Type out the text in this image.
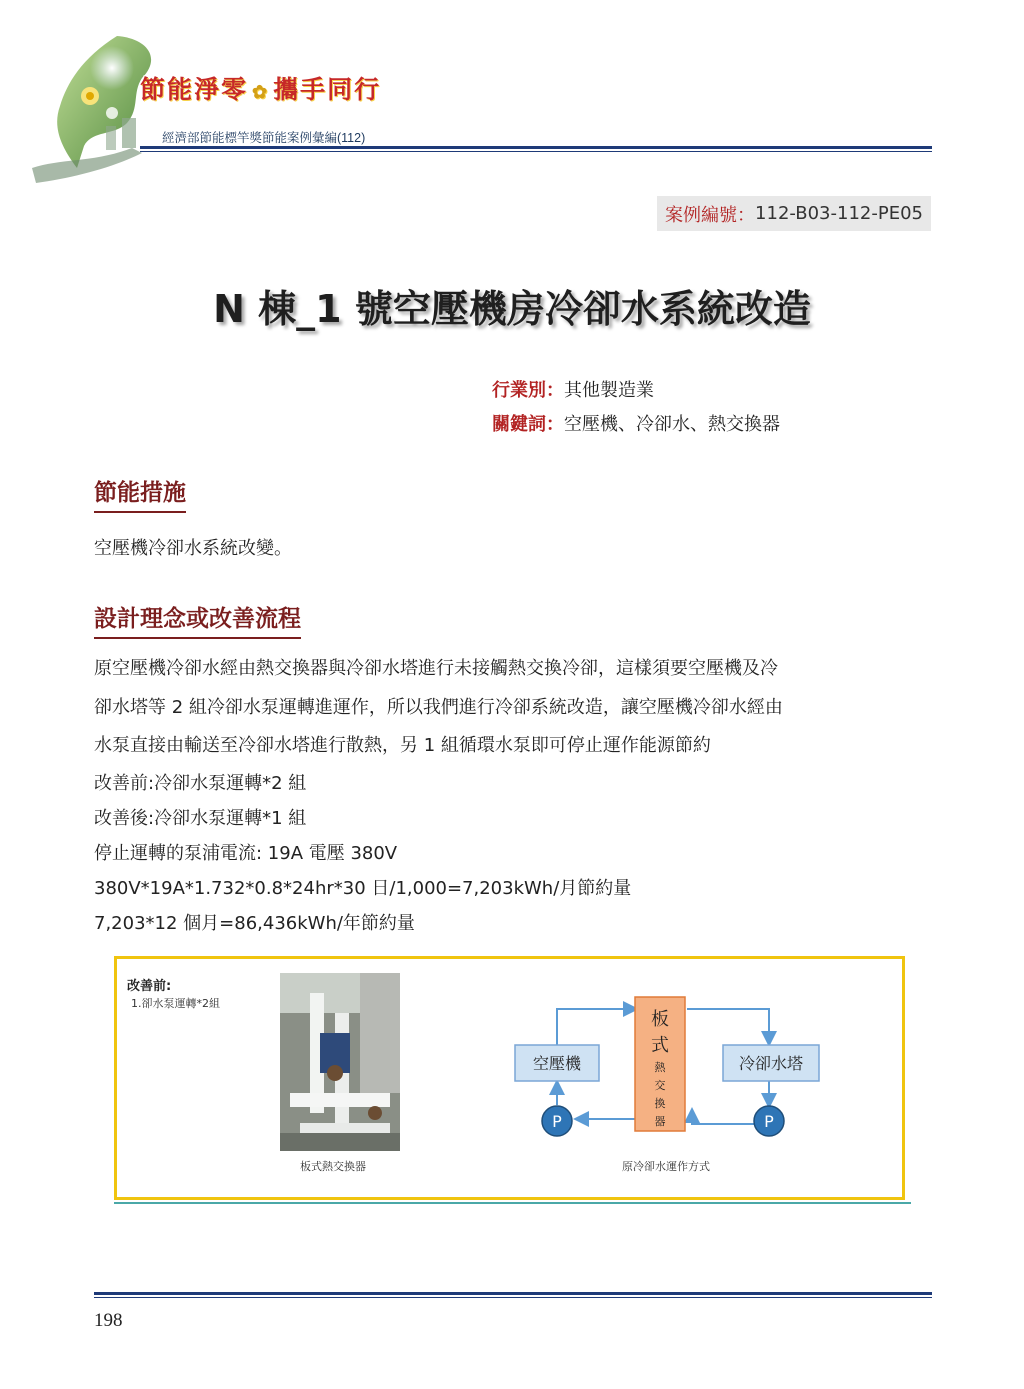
節能淨零 ✿ 攜手同行
經濟部節能標竿獎節能案例彙編(112)
案例編號： 112-B03-112-PE05
N 棟_1 號空壓機房冷卻水系統改造
行業別：其他製造業
關鍵詞：空壓機、冷卻水、熱交換器
節能措施
空壓機冷卻水系統改變。
設計理念或改善流程

原空壓機冷卻水經由熱交換器與冷卻水塔進行未接觸熱交換冷卻，這樣須要空壓機及冷

卻水塔等 2 組冷卻水泵運轉進運作，所以我們進行冷卻系統改造，讓空壓機冷卻水經由

水泵直接由輸送至冷卻水塔進行散熱，另 1 組循環水泵即可停止運作能源節約

改善前:冷卻水泵運轉*2 組

改善後:冷卻水泵運轉*1 組

停止運轉的泵浦電流: 19A 電壓 380V

380V*19A*1.732*0.8*24hr*30 日/1,000=7,203kWh/月節約量

7,203*12 個月=86,436kWh/年節約量

改善前:
1.卻水泵運轉*2組
板式熱交換器
空壓機
板
式
熱
交
換
器
冷卻水塔
P	P
原冷卻水運作方式
198
